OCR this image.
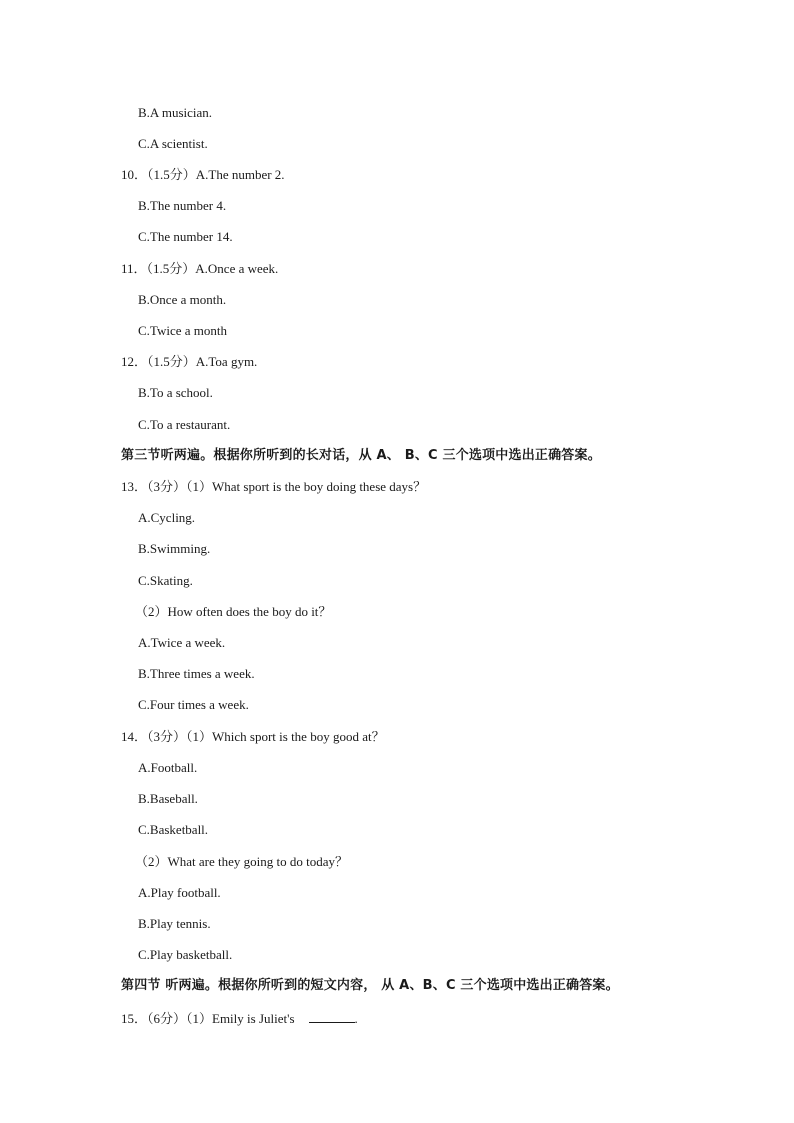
B.A musician.
C.A scientist.
10．（1.5分）A.The number 2.
B.The number 4.
C.The number 14.
11．（1.5分）A.Once a week.
B.Once a month.
C.Twice a month
12．（1.5分）A.Toa gym.
B.To a school.
C.To a restaurant.
第三节听两遍。根据你所听到的长对话，从 A、 B、C 三个选项中选出正确答案。
13．（3分）（1）What sport is the boy doing these days？
A.Cycling.
B.Swimming.
C.Skating.
（2）How often does the boy do it？
A.Twice a week.
B.Three times a week.
C.Four times a week.
14．（3分）（1）Which sport is the boy good at？
A.Football.
B.Baseball.
C.Basketball.
（2）What are they going to do today？
A.Play football.
B.Play tennis.
C.Play basketball.
第四节 听两遍。根据你所听到的短文内容， 从 A、B、C 三个选项中选出正确答案。
15．（6分）（1）Emily is Juliet's	.
